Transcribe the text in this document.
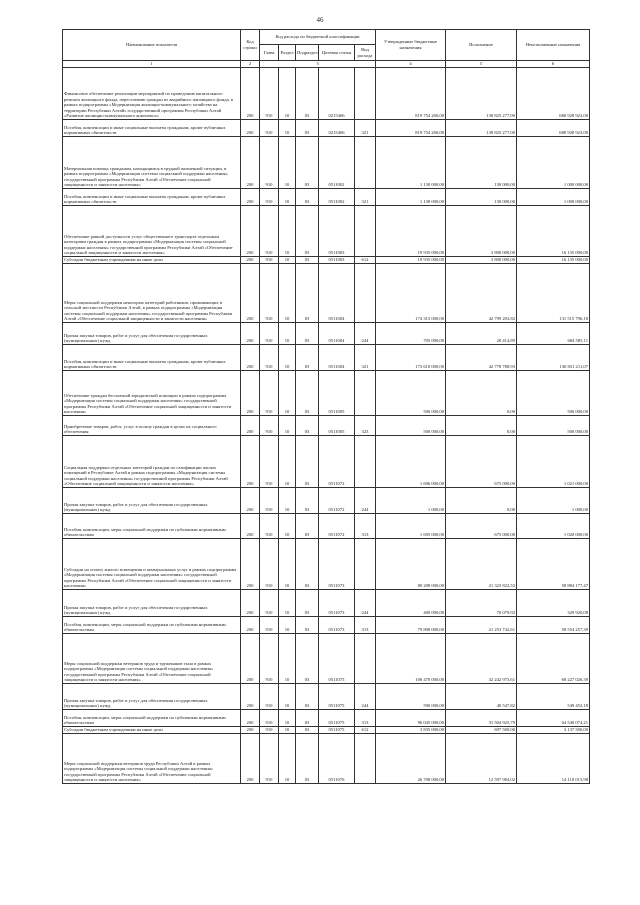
46
Наименование показателя	Код строки	Код расхода по бюджетной классификации					Утвержденные бюджетные назначения	Исполнение	Неисполненные назначения
		Глава	Раздел	Подраздел	Целевая статья	Вид расхода			
1	2	3					4	5	6
Финансовое обеспечение реализации мероприятий по проведению капитального ремонта жилищного фонда, переселению граждан из аварийного жилищного фонда, в рамках подпрограммы «Модернизация жилищно-коммунального хозяйства на территории Республики Алтай» государственной программы Республики Алтай «Развитие жилищно-коммунального комплекса»	200	910	10	03	0215406		819 754 200,00	138 825 277,00	680 928 923,00
Пособия, компенсации и иные социальные выплаты гражданам, кроме публичных нормативных обязательств	200	910	10	03	0215406	321	819 754 200,00	138 825 277,00	680 928 923,00
Материальная помощь гражданам, находящимся в трудной жизненной ситуации, в рамках подпрограммы «Модернизация системы социальной поддержки населения» государственной программы Республики Алтай «Обеспечение социальной защищенности и занятости населения»	200	910	10	03	0511002		1 130 000,00	130 000,00	1 000 000,00
Пособия, компенсации и иные социальные выплаты гражданам, кроме публичных нормативных обязательств	200	910	10	03	0511002	321	1 130 000,00	130 000,00	1 000 000,00
Обеспечение равной доступности услуг общественного транспорта отдельным категориям граждан в рамках подпрограммы «Модернизация системы социальной поддержки населения» государственной программы Республики Алтай «Обеспечение социальной защищенности и занятости населения»	200	910	10	03	0511003		19 935 000,00	3 800 000,00	16 135 000,00
Субсидии бюджетным учреждениям на иные цели	200	910	10	03	0511003	612	19 935 000,00	3 800 000,00	16 135 000,00
Меры социальной поддержки некоторых категорий работников, проживающих в сельской местности Республики Алтай, в рамках подпрограммы «Модернизация системы социальной поддержки населения» государственной программы Республики Алтай «Обеспечение социальной защищенности и занятости населения»	200	910	10	03	0511004		174 315 000,00	42 799 203,82	131 515 796,18
Прочая закупка товаров, работ и услуг для обеспечения государственных (муниципальных) нужд	200	910	10	03	0511004	244	705 000,00	20 414,89	684 585,11
Пособия, компенсации и иные социальные выплаты гражданам, кроме публичных нормативных обязательств	200	910	10	03	0511004	321	173 610 000,00	42 778 788,93	130 831 211,07
Обеспечение граждан бесплатной юридической помощью в рамках подпрограммы «Модернизация системы социальной поддержки населения» государственной программы Республики Алтай «Обеспечение социальной защищенности и занятости населения»	200	910	10	03	0511005		500 000,00	0,00	500 000,00
Приобретение товаров, работ, услуг в пользу граждан в целях их социального обеспечения	200	910	10	03	0511005	323	500 000,00	0,00	500 000,00
Социальная поддержка отдельных категорий граждан по газификации жилых помещений в Республике Алтай в рамках подпрограммы «Модернизация системы социальной поддержки населения» государственной программы Республики Алтай «Обеспечение социальной защищенности и занятости населения»	200	910	10	03	0511072		1 696 000,00	675 000,00	1 021 000,00
Прочая закупка товаров, работ и услуг для обеспечения государственных (муниципальных) нужд	200	910	10	03	0511072	244	1 000,00	0,00	1 000,00
Пособия, компенсации, меры социальной поддержки по публичным нормативным обязательствам	200	910	10	03	0511072	313	1 695 000,00	675 000,00	1 020 000,00
Субсидии на оплату жилого помещения и коммунальных услуг в рамках подпрограммы «Модернизация системы социальной поддержки населения» государственной программы Республики Алтай «Обеспечение социальной защищенности и занятости населения»	200	910	10	03	0511073		80 208 000,00	21 323 822,53	58 884 177,47
Прочая закупка товаров, работ и услуг для обеспечения государственных (муниципальных) нужд	200	910	10	03	0511073	244	400 000,00	70 079,92	329 920,08
Пособия, компенсации, меры социальной поддержки по публичным нормативным обязательствам	200	910	10	03	0511073	313	79 808 000,00	21 253 742,61	58 554 257,39
Меры социальной поддержки ветеранов труда и тружеников тыла в рамках подпрограммы «Модернизация системы социальной поддержки населения» государственной программы Республики Алтай «Обеспечение социальной защищенности и занятости населения»	200	910	10	03	0511075		100 470 000,00	32 242 973,61	68 227 026,39
Прочая закупка товаров, работ и услуг для обеспечения государственных (муниципальных) нужд	200	910	10	03	0511075	244	590 000,00	40 547,82	549 452,18
Пособия, компенсации, меры социальной поддержки по публичным нормативным обязательствам	200	910	10	03	0511075	313	96 045 000,00	31 504 925,79	64 540 074,21
Субсидии бюджетным учреждениям на иные цели	200	910	10	03	0511075	612	3 835 000,00	697 500,00	3 137 500,00
Меры социальной поддержки ветеранов труда Республики Алтай в рамках подпрограммы «Модернизация системы социальной поддержки населения» государственной программы Республики Алтай «Обеспечение социальной защищенности и занятости населения»	200	910	10	03	0511076		26 708 000,00	12 597 984,02	14 110 015,98
